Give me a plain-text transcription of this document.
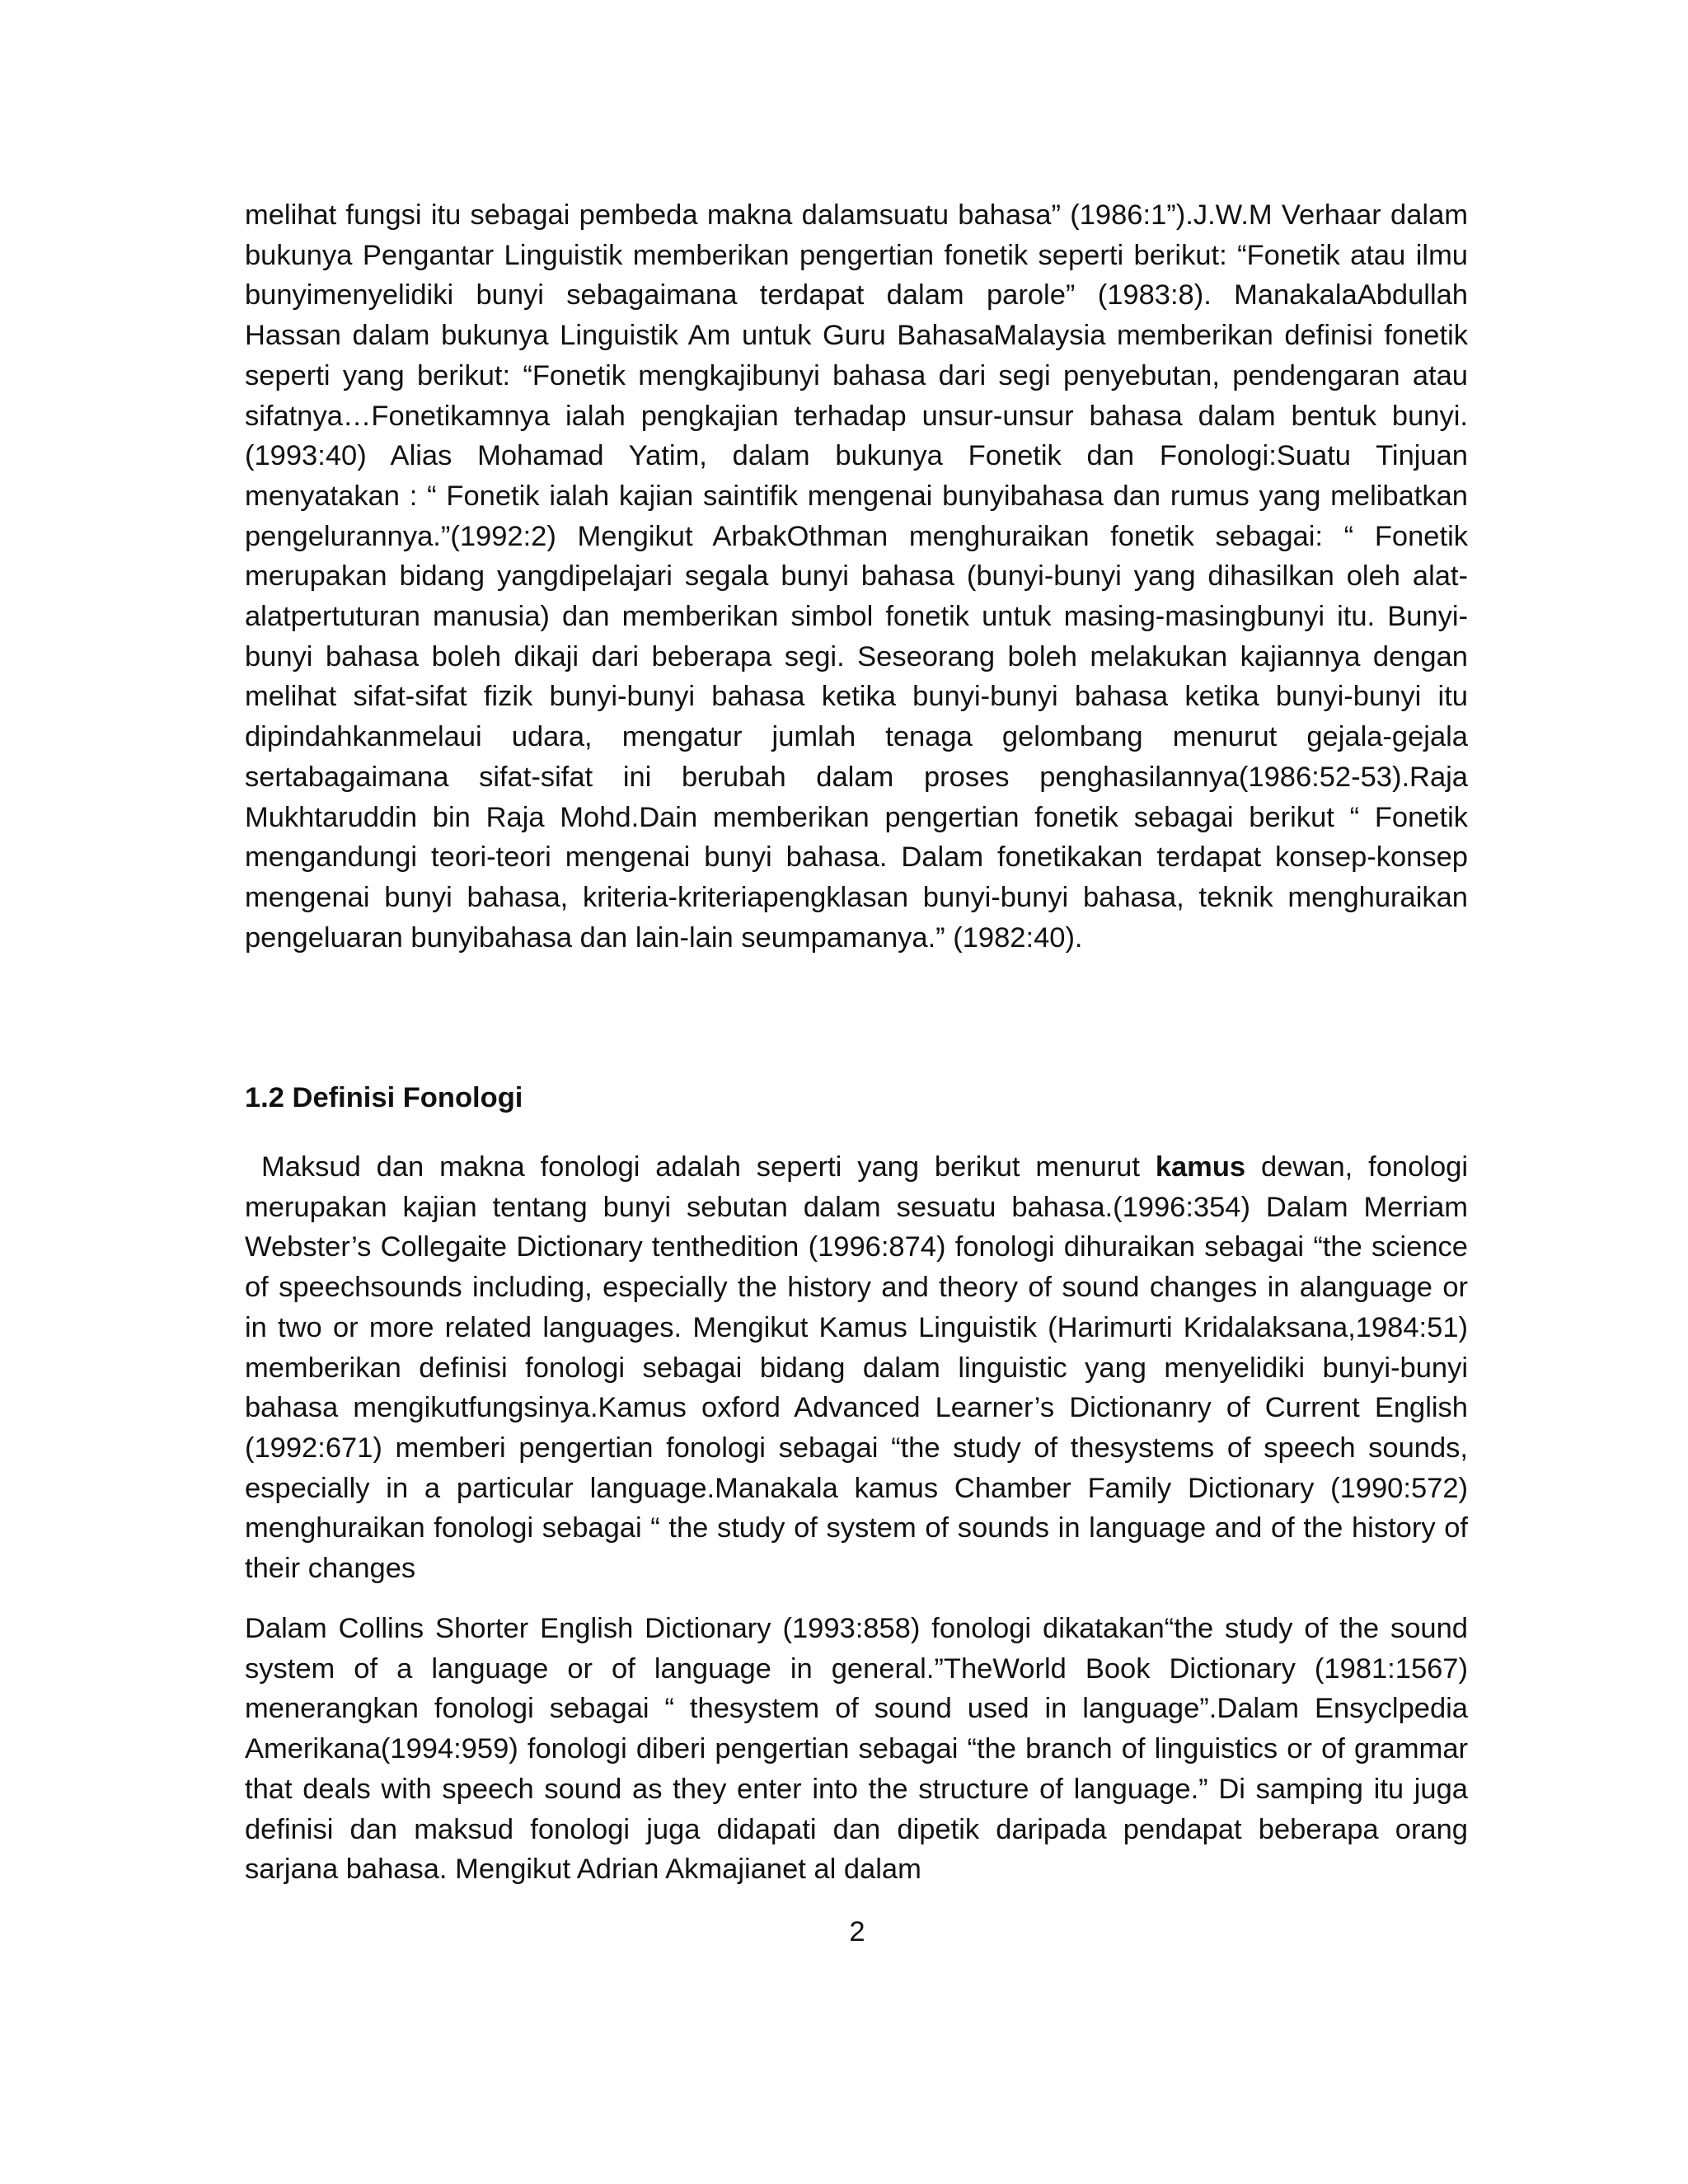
melihat fungsi itu sebagai pembeda makna dalamsuatu bahasa” (1986:1”).J.W.M Verhaar dalam bukunya Pengantar Linguistik memberikan pengertian fonetik seperti berikut: “Fonetik atau ilmu bunyimenyelidiki bunyi sebagaimana terdapat dalam parole” (1983:8). ManakalaAbdullah Hassan dalam bukunya Linguistik Am untuk Guru BahasaMalaysia memberikan definisi fonetik seperti yang berikut: “Fonetik mengkajibunyi bahasa dari segi penyebutan, pendengaran atau sifatnya…Fonetikamnya ialah pengkajian terhadap unsur-unsur bahasa dalam bentuk bunyi.(1993:40) Alias Mohamad Yatim, dalam bukunya Fonetik dan Fonologi:Suatu Tinjuan menyatakan : “ Fonetik ialah kajian saintifik mengenai bunyibahasa dan rumus yang melibatkan pengelurannya.”(1992:2) Mengikut ArbakOthman menghuraikan fonetik sebagai: “ Fonetik merupakan bidang yangdipelajari segala bunyi bahasa (bunyi-bunyi yang dihasilkan oleh alat-alatpertuturan manusia) dan memberikan simbol fonetik untuk masing-masingbunyi itu. Bunyi-bunyi bahasa boleh dikaji dari beberapa segi. Seseorang boleh melakukan kajiannya dengan melihat sifat-sifat fizik bunyi-bunyi bahasa ketika bunyi-bunyi bahasa ketika bunyi-bunyi itu dipindahkanmelaui udara, mengatur jumlah tenaga gelombang menurut gejala-gejala sertabagaimana sifat-sifat ini berubah dalam proses penghasilannya(1986:52-53).Raja Mukhtaruddin bin Raja Mohd.Dain memberikan pengertian fonetik sebagai berikut “ Fonetik mengandungi teori-teori mengenai bunyi bahasa. Dalam fonetikakan terdapat konsep-konsep mengenai bunyi bahasa, kriteria-kriteriapengklasan bunyi-bunyi bahasa, teknik menghuraikan pengeluaran bunyibahasa dan lain-lain seumpamanya.” (1982:40).

1.2 Definisi Fonologi

Maksud dan makna fonologi adalah seperti yang berikut menurut kamus dewan, fonologi merupakan kajian tentang bunyi sebutan dalam sesuatu bahasa.(1996:354) Dalam Merriam Webster’s Collegaite Dictionary tenthedition (1996:874) fonologi dihuraikan sebagai “the science of speechsounds including, especially the history and theory of sound changes in alanguage or in two or more related languages. Mengikut Kamus Linguistik (Harimurti Kridalaksana,1984:51) memberikan definisi fonologi sebagai bidang dalam linguistic yang menyelidiki bunyi-bunyi bahasa mengikutfungsinya.Kamus oxford Advanced Learner’s Dictionanry of Current English (1992:671) memberi pengertian fonologi sebagai “the study of thesystems of speech sounds, especially in a particular language.Manakala kamus Chamber Family Dictionary (1990:572) menghuraikan fonologi sebagai “ the study of system of sounds in language and of the history of their changes

Dalam Collins Shorter English Dictionary (1993:858) fonologi dikatakan“the study of the sound system of a language or of language in general.”TheWorld Book Dictionary (1981:1567) menerangkan fonologi sebagai “ thesystem of sound used in language”.Dalam Ensyclpedia Amerikana(1994:959) fonologi diberi pengertian sebagai “the branch of linguistics or of grammar that deals with speech sound as they enter into the structure of language.” Di samping itu juga definisi dan maksud fonologi juga didapati dan dipetik daripada pendapat beberapa orang sarjana bahasa. Mengikut Adrian Akmajianet al dalam

2
